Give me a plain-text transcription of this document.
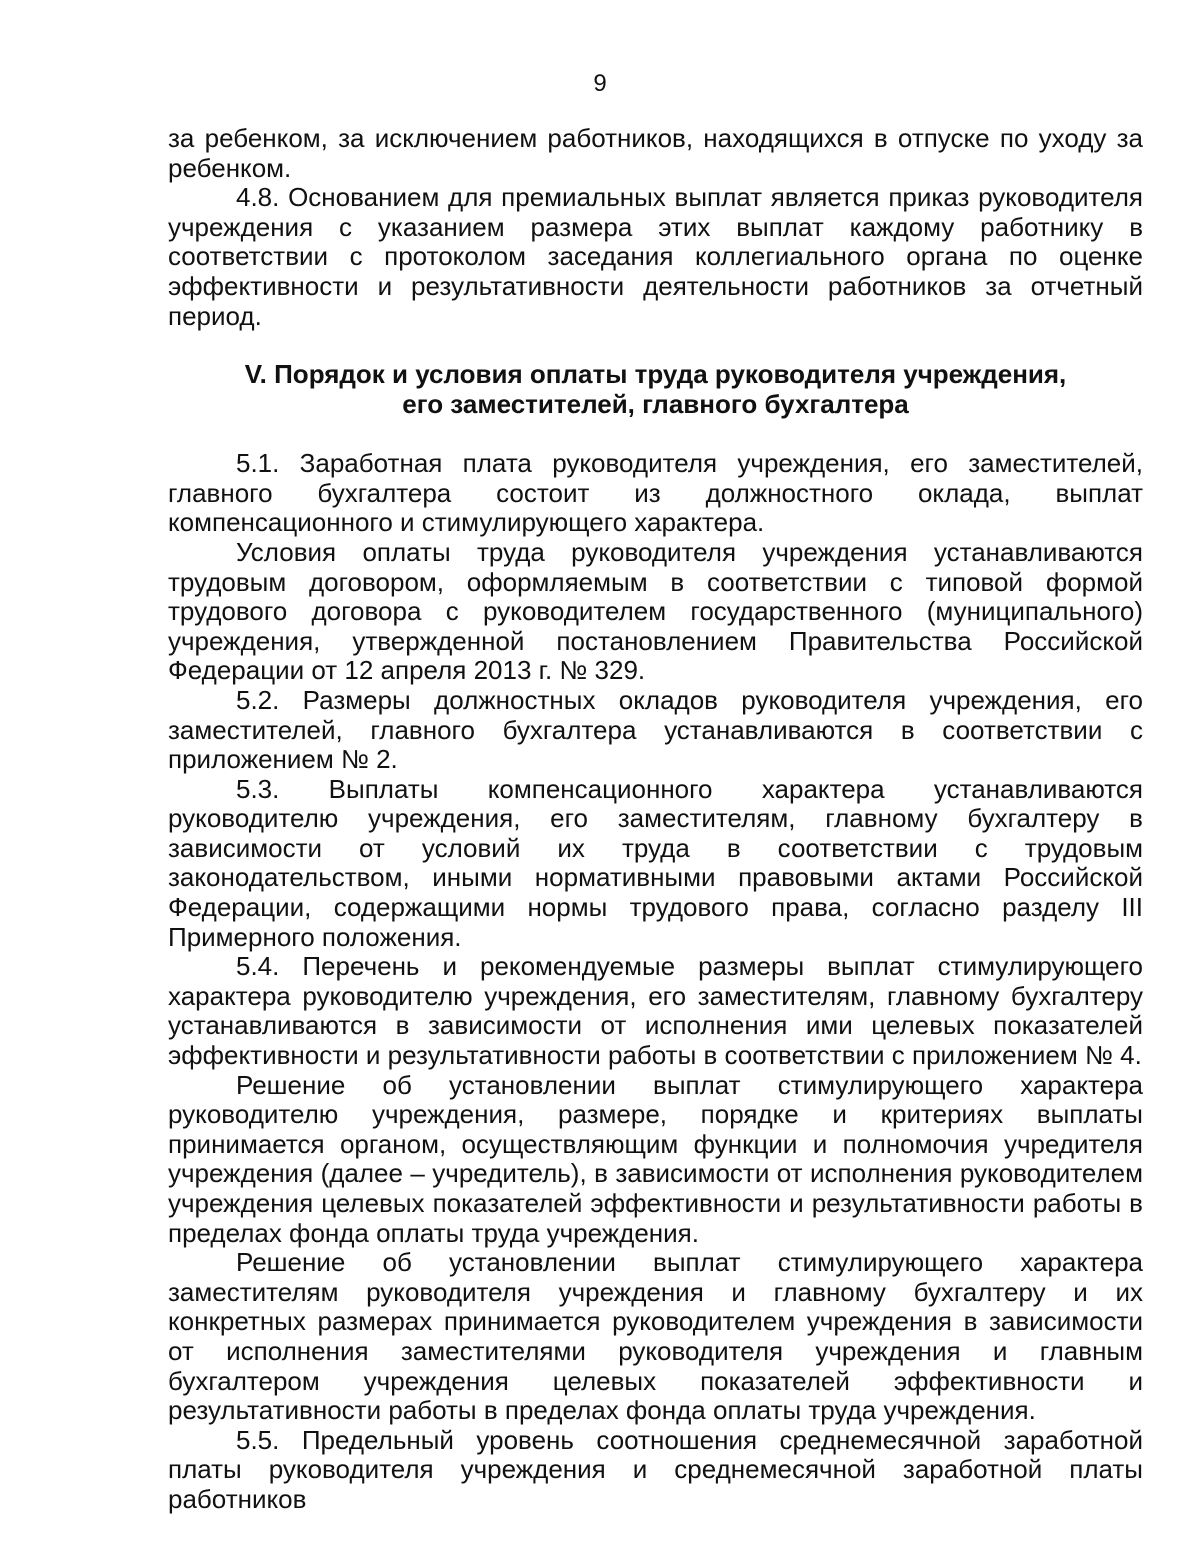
9

за ребенком, за исключением работников, находящихся в отпуске по уходу за ребенком.

4.8. Основанием для премиальных выплат является приказ руководителя учреждения с указанием размера этих выплат каждому работнику в соответствии с протоколом заседания коллегиального органа по оценке эффективности и результативности деятельности работников за отчетный период.

V. Порядок и условия оплаты труда руководителя учреждения,
его заместителей, главного бухгалтера

5.1. Заработная плата руководителя учреждения, его заместителей, главного бухгалтера состоит из должностного оклада, выплат компенсационного и стимулирующего характера.

Условия оплаты труда руководителя учреждения устанавливаются трудовым договором, оформляемым в соответствии с типовой формой трудового договора с руководителем государственного (муниципального) учреждения, утвержденной постановлением Правительства Российской Федерации от 12 апреля 2013 г. № 329.

5.2. Размеры должностных окладов руководителя учреждения, его заместителей, главного бухгалтера устанавливаются в соответствии с приложением № 2.

5.3. Выплаты компенсационного характера устанавливаются руководителю учреждения, его заместителям, главному бухгалтеру в зависимости от условий их труда в соответствии с трудовым законодательством, иными нормативными правовыми актами Российской Федерации, содержащими нормы трудового права, согласно разделу III Примерного положения.

5.4. Перечень и рекомендуемые размеры выплат стимулирующего характера руководителю учреждения, его заместителям, главному бухгалтеру устанавливаются в зависимости от исполнения ими целевых показателей эффективности и результативности работы в соответствии с приложением № 4.

Решение об установлении выплат стимулирующего характера руководителю учреждения, размере, порядке и критериях выплаты принимается органом, осуществляющим функции и полномочия учредителя учреждения (далее – учредитель), в зависимости от исполнения руководителем учреждения целевых показателей эффективности и результативности работы в пределах фонда оплаты труда учреждения.

Решение об установлении выплат стимулирующего характера заместителям руководителя учреждения и главному бухгалтеру и их конкретных размерах принимается руководителем учреждения в зависимости от исполнения заместителями руководителя учреждения и главным бухгалтером учреждения целевых показателей эффективности и результативности работы в пределах фонда оплаты труда учреждения.

5.5. Предельный уровень соотношения среднемесячной заработной платы руководителя учреждения и среднемесячной заработной платы работников
